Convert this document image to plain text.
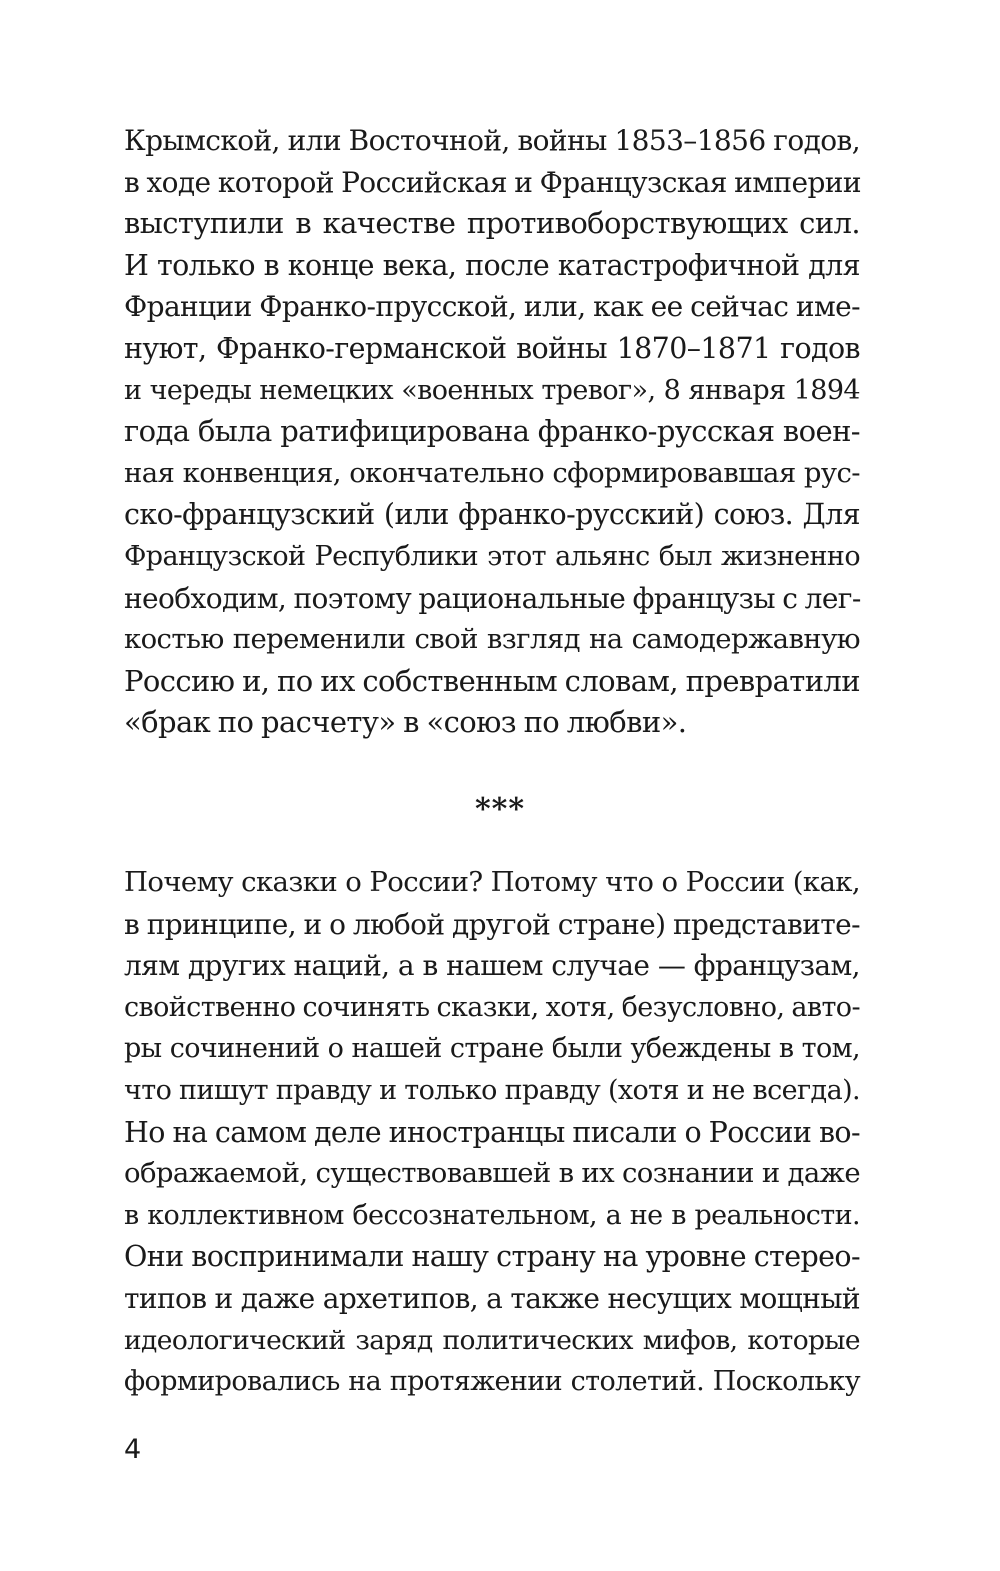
Крымской, или Восточной, войны 1853–1856 годов,
в ходе которой Российская и Французская империи
выступили в качестве противоборствующих сил.
И только в конце века, после катастрофичной для
Франции Франко-прусской, или, как ее сейчас име-
нуют, Франко-германской войны 1870–1871 годов
и череды немецких «военных тревог», 8 января 1894
года была ратифицирована франко-русская воен-
ная конвенция, окончательно сформировавшая рус-
ско-французский (или франко-русский) союз. Для
Французской Республики этот альянс был жизненно
необходим, поэтому рациональные французы с лег-
костью переменили свой взгляд на самодержавную
Россию и, по их собственным словам, превратили
«брак по расчету» в «союз по любви».

***

Почему сказки о России? Потому что о России (как,
в принципе, и о любой другой стране) представите-
лям других наций, а в нашем случае — французам,
свойственно сочинять сказки, хотя, безусловно, авто-
ры сочинений о нашей стране были убеждены в том,
что пишут правду и только правду (хотя и не всегда).
Но на самом деле иностранцы писали о России во-
ображаемой, существовавшей в их сознании и даже
в коллективном бессознательном, а не в реальности.
Они воспринимали нашу страну на уровне стерео-
типов и даже архетипов, а также несущих мощный
идеологический заряд политических мифов, которые
формировались на протяжении столетий. Поскольку

4
